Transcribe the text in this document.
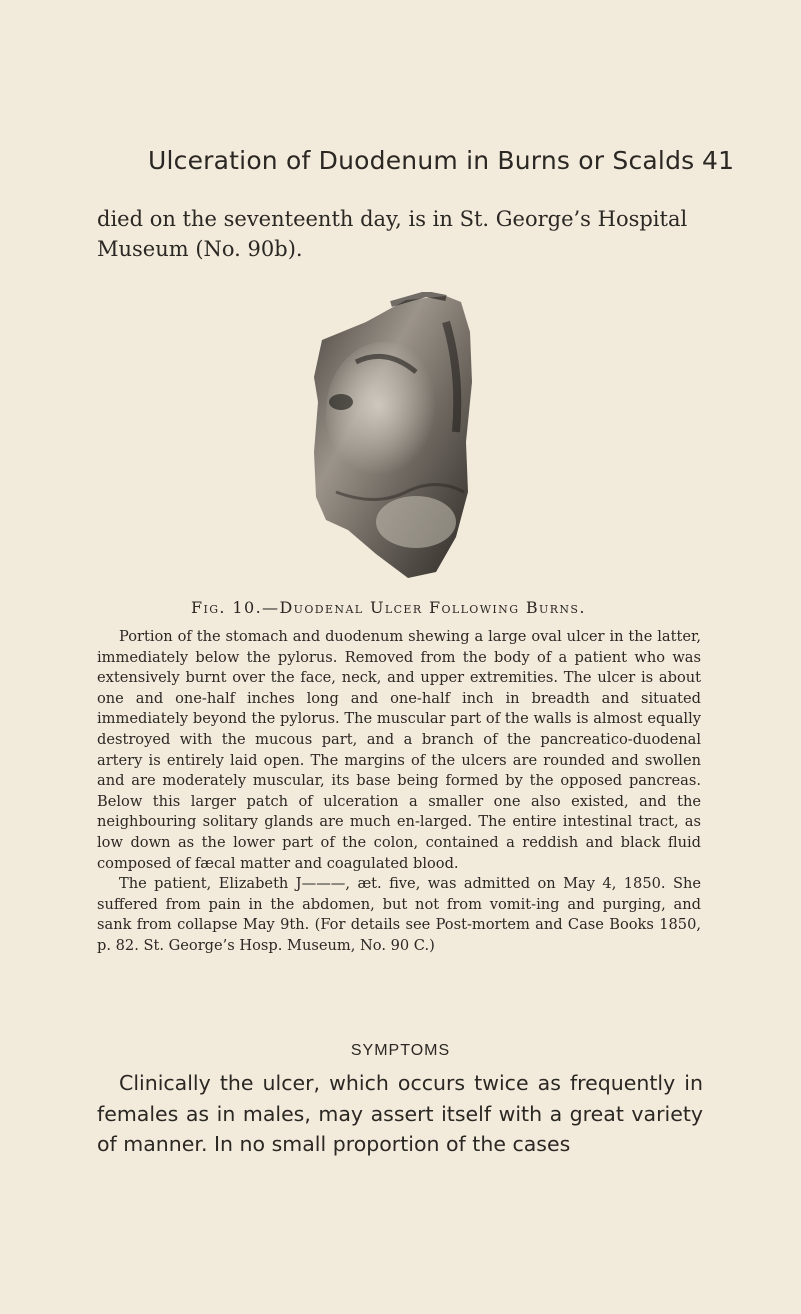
Ulceration of Duodenum in Burns or Scalds 41
died on the seventeenth day, is in St. George’s Hospital Museum (No. 90b).
Fig. 10.—Duodenal Ulcer Following Burns.

Portion of the stomach and duodenum shewing a large oval ulcer in the latter, immediately below the pylorus. Removed from the body of a patient who was extensively burnt over the face, neck, and upper extremities. The ulcer is about one and one-half inches long and one-half inch in breadth and situated immediately beyond the pylorus. The muscular part of the walls is almost equally destroyed with the mucous part, and a branch of the pancreatico-duodenal artery is entirely laid open. The margins of the ulcers are rounded and swollen and are moderately muscular, its base being formed by the opposed pancreas. Below this larger patch of ulceration a smaller one also existed, and the neighbouring solitary glands are much en-larged. The entire intestinal tract, as low down as the lower part of the colon, contained a reddish and black fluid composed of fæcal matter and coagulated blood.

The patient, Elizabeth J———, æt. five, was admitted on May 4, 1850. She suffered from pain in the abdomen, but not from vomit-ing and purging, and sank from collapse May 9th. (For details see Post-mortem and Case Books 1850, p. 82. St. George’s Hosp. Museum, No. 90 C.)

SYMPTOMS

Clinically the ulcer, which occurs twice as frequently in females as in males, may assert itself with a great variety of manner. In no small proportion of the cases
